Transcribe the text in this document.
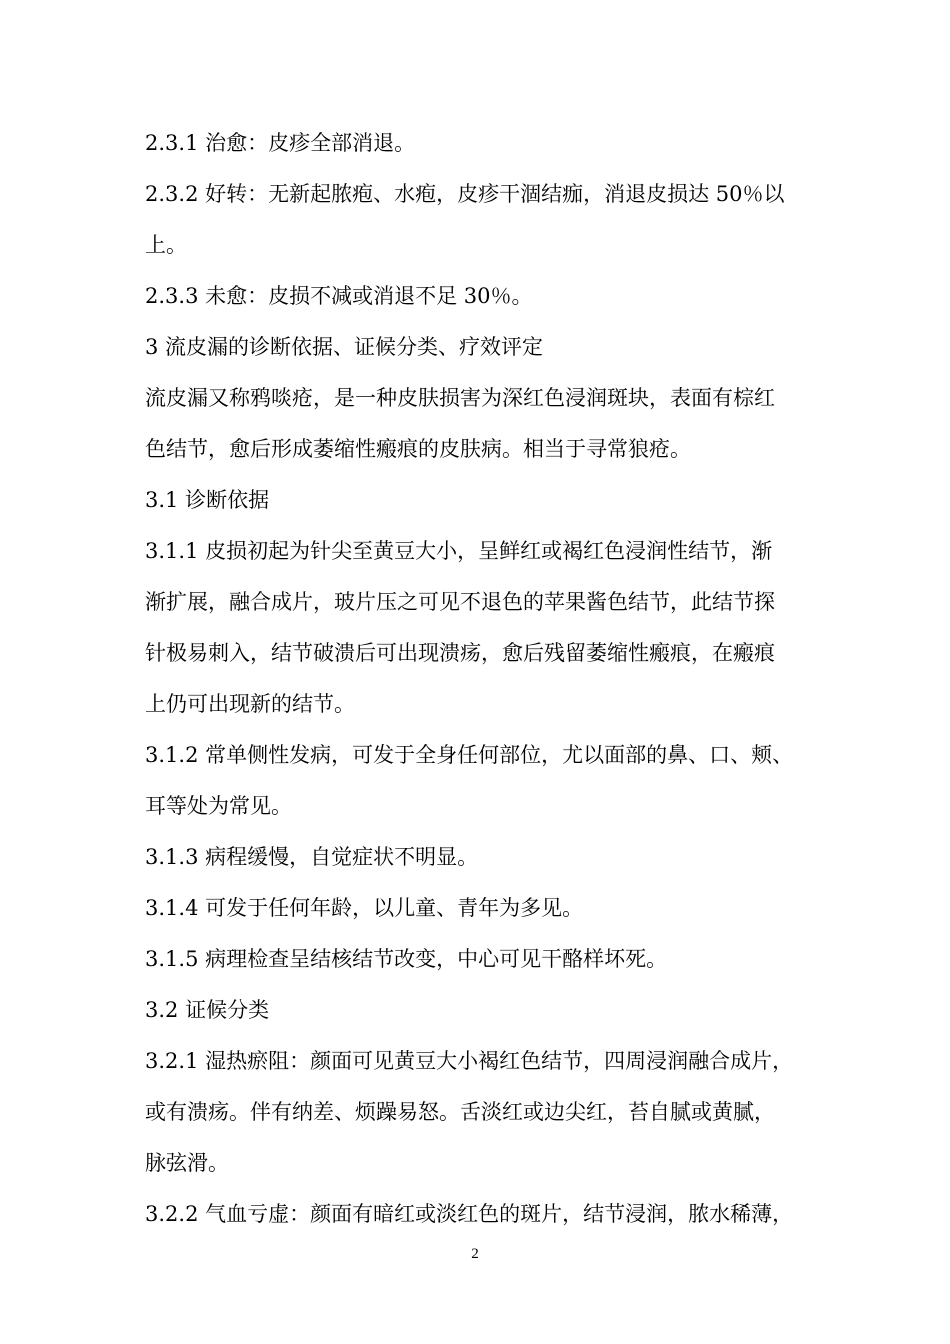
2.3.1 治愈：皮疹全部消退。
2.3.2 好转：无新起脓疱、水疱，皮疹干涸结痂，消退皮损达 50％以
上。
2.3.3 未愈：皮损不减或消退不足 30％。
3 流皮漏的诊断依据、证候分类、疗效评定
流皮漏又称鸦啖疮，是一种皮肤损害为深红色浸润斑块，表面有棕红
色结节，愈后形成萎缩性瘢痕的皮肤病。相当于寻常狼疮。
3.1 诊断依据
3.1.1 皮损初起为针尖至黄豆大小，呈鲜红或褐红色浸润性结节，渐
渐扩展，融合成片，玻片压之可见不退色的苹果酱色结节，此结节探
针极易刺入，结节破溃后可出现溃疡，愈后残留萎缩性瘢痕，在瘢痕
上仍可出现新的结节。
3.1.2 常单侧性发病，可发于全身任何部位，尤以面部的鼻、口、颊、
耳等处为常见。
3.1.3 病程缓慢，自觉症状不明显。
3.1.4 可发于任何年龄，以儿童、青年为多见。
3.1.5 病理检查呈结核结节改变，中心可见干酪样坏死。
3.2 证候分类
3.2.1 湿热瘀阻：颜面可见黄豆大小褐红色结节，四周浸润融合成片，
或有溃疡。伴有纳差、烦躁易怒。舌淡红或边尖红，苔自腻或黄腻，
脉弦滑。
3.2.2 气血亏虚：颜面有暗红或淡红色的斑片，结节浸润，脓水稀薄，
2
